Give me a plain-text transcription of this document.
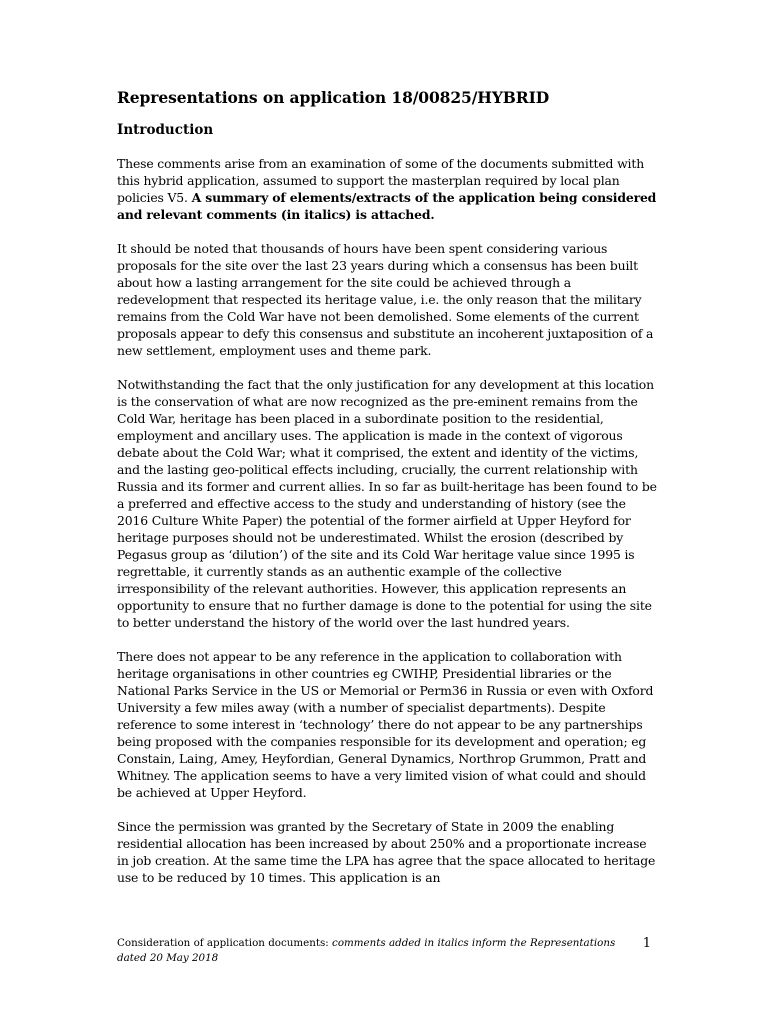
Representations on application 18/00825/HYBRID
Introduction

These comments arise from an examination of some of the documents submitted with this hybrid application, assumed to support the masterplan required by local plan policies V5. A summary of elements/extracts of the application being considered and relevant comments (in italics) is attached.

It should be noted that thousands of hours have been spent considering various proposals for the site over the last 23 years during which a consensus has been built about how a lasting arrangement for the site could be achieved through a redevelopment that respected its heritage value, i.e. the only reason that the military remains from the Cold War have not been demolished. Some elements of the current proposals appear to defy this consensus and substitute an incoherent juxtaposition of a new settlement, employment uses and theme park.

Notwithstanding the fact that the only justification for any development at this location is the conservation of what are now recognized as the pre-eminent remains from the Cold War, heritage has been placed in a subordinate position to the residential, employment and ancillary uses. The application is made in the context of vigorous debate about the Cold War; what it comprised, the extent and identity of the victims, and the lasting geo-political effects including, crucially, the current relationship with Russia and its former and current allies. In so far as built-heritage has been found to be a preferred and effective access to the study and understanding of history (see the 2016 Culture White Paper) the potential of the former airfield at Upper Heyford for heritage purposes should not be underestimated. Whilst the erosion (described by Pegasus group as ‘dilution’) of the site and its Cold War heritage value since 1995 is regrettable, it currently stands as an authentic example of the collective irresponsibility of the relevant authorities. However, this application represents an opportunity to ensure that no further damage is done to the potential for using the site to better understand the history of the world over the last hundred years.

There does not appear to be any reference in the application to collaboration with heritage organisations in other countries eg CWIHP, Presidential libraries or the National Parks Service in the US or Memorial or Perm36 in Russia or even with Oxford University a few miles away (with a number of specialist departments). Despite reference to some interest in ‘technology’ there do not appear to be any partnerships being proposed with the companies responsible for its development and operation; eg Constain, Laing, Amey, Heyfordian, General Dynamics, Northrop Grummon, Pratt and Whitney. The application seems to have a very limited vision of what could and should be achieved at Upper Heyford.

Since the permission was granted by the Secretary of State in 2009 the enabling residential allocation has been increased by about 250% and a proportionate increase in job creation. At the same time the LPA has agree that the space allocated to heritage use to be reduced by 10 times. This application is an

Consideration of application documents: comments added in italics inform the Representations
dated 20 May 2018
1
